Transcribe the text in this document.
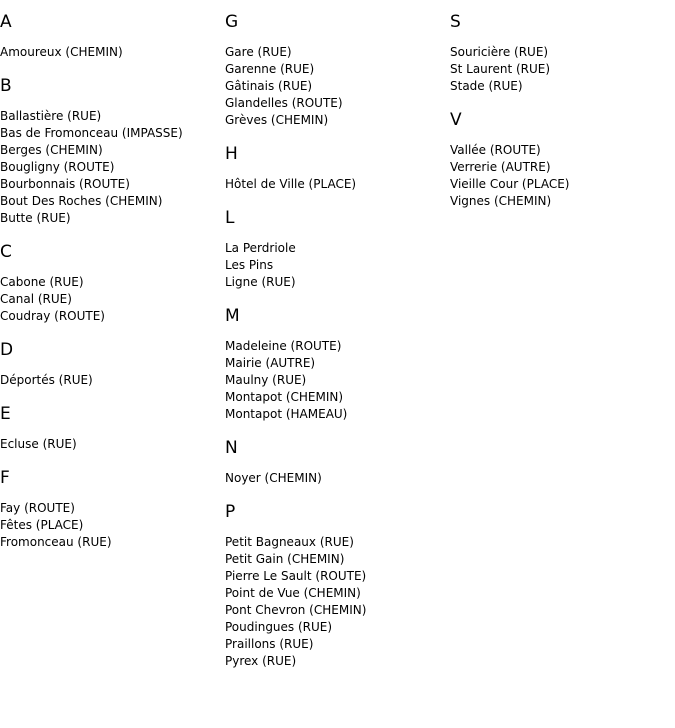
A
Amoureux (CHEMIN)
B
Ballastière (RUE)
Bas de Fromonceau (IMPASSE)
Berges (CHEMIN)
Bougligny (ROUTE)
Bourbonnais (ROUTE)
Bout Des Roches (CHEMIN)
Butte (RUE)
C
Cabone (RUE)
Canal (RUE)
Coudray (ROUTE)
D
Déportés (RUE)
E
Ecluse (RUE)
F
Fay (ROUTE)
Fêtes (PLACE)
Fromonceau (RUE)
G
Gare (RUE)
Garenne (RUE)
Gâtinais (RUE)
Glandelles (ROUTE)
Grèves (CHEMIN)
H
Hôtel de Ville (PLACE)
L
La Perdriole
Les Pins
Ligne (RUE)
M
Madeleine (ROUTE)
Mairie (AUTRE)
Maulny (RUE)
Montapot (CHEMIN)
Montapot (HAMEAU)
N
Noyer (CHEMIN)
P
Petit Bagneaux (RUE)
Petit Gain (CHEMIN)
Pierre Le Sault (ROUTE)
Point de Vue (CHEMIN)
Pont Chevron (CHEMIN)
Poudingues (RUE)
Praillons (RUE)
Pyrex (RUE)
S
Souricière (RUE)
St Laurent (RUE)
Stade (RUE)
V
Vallée (ROUTE)
Verrerie (AUTRE)
Vieille Cour (PLACE)
Vignes (CHEMIN)
